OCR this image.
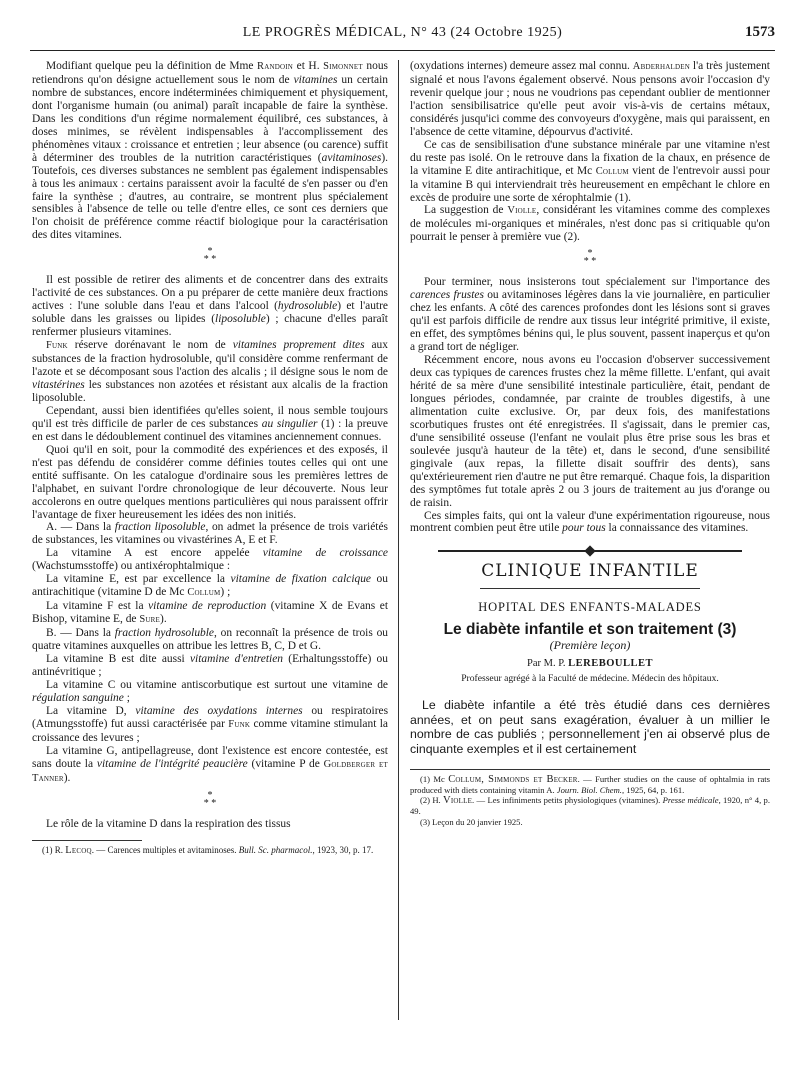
LE PROGRÈS MÉDICAL, N° 43 (24 Octobre 1925)	1573

Modifiant quelque peu la définition de Mme Randoin et H. Simonnet nous retiendrons qu'on désigne actuellement sous le nom de vitamines un certain nombre de substances, encore indéterminées chimiquement et physiquement, dont l'organisme humain (ou animal) paraît incapable de faire la synthèse. Dans les conditions d'un régime normalement équilibré, ces substances, à doses minimes, se révèlent indispensables à l'accomplissement des phénomènes vitaux : croissance et entretien ; leur absence (ou carence) suffit à déterminer des troubles de la nutrition caractéristiques (avitaminoses). Toutefois, ces diverses substances ne semblent pas également indispensables à tous les animaux : certains paraissent avoir la faculté de s'en passer ou d'en faire la synthèse ; d'autres, au contraire, se montrent plus spécialement sensibles à l'absence de telle ou telle d'entre elles, ce sont ces derniers que l'on choisit de préférence comme réactif biologique pour la caractérisation des dites vitamines.

*
* *

Il est possible de retirer des aliments et de concentrer dans des extraits l'activité de ces substances. On a pu préparer de cette manière deux fractions actives : l'une soluble dans l'eau et dans l'alcool (hydrosoluble) et l'autre soluble dans les graisses ou lipides (liposoluble) ; chacune d'elles paraît renfermer plusieurs vitamines.

Funk réserve dorénavant le nom de vitamines proprement dites aux substances de la fraction hydrosoluble, qu'il considère comme renfermant de l'azote et se décomposant sous l'action des alcalis ; il désigne sous le nom de vitastérines les substances non azotées et résistant aux alcalis de la fraction liposoluble.

Cependant, aussi bien identifiées qu'elles soient, il nous semble toujours qu'il est très difficile de parler de ces substances au singulier (1) : la preuve en est dans le dédoublement continuel des vitamines anciennement connues.

Quoi qu'il en soit, pour la commodité des expériences et des exposés, il n'est pas défendu de considérer comme définies toutes celles qui ont une entité suffisante. On les catalogue d'ordinaire sous les premières lettres de l'alphabet, en suivant l'ordre chronologique de leur découverte. Nous leur accolerons en outre quelques mentions particulières qui nous paraissent offrir l'avantage de fixer heureusement les idées des non initiés.

A. — Dans la fraction liposoluble, on admet la présence de trois variétés de substances, les vitamines ou vivastérines A, E et F.

La vitamine A est encore appelée vitamine de croissance (Wachstumsstoffe) ou antixérophtalmique :

La vitamine E, est par excellence la vitamine de fixation calcique ou antirachitique (vitamine D de Mc Collum) ;

La vitamine F est la vitamine de reproduction (vitamine X de Evans et Bishop, vitamine E, de Sure).

B. — Dans la fraction hydrosoluble, on reconnaît la présence de trois ou quatre vitamines auxquelles on attribue les lettres B, C, D et G.

La vitamine B est dite aussi vitamine d'entretien (Erhaltungsstoffe) ou antinévritique ;

La vitamine C ou vitamine antiscorbutique est surtout une vitamine de régulation sanguine ;

La vitamine D, vitamine des oxydations internes ou respiratoires (Atmungsstoffe) fut aussi caractérisée par Funk comme vitamine stimulant la croissance des levures ;

La vitamine G, antipellagreuse, dont l'existence est encore contestée, est sans doute la vitamine de l'intégrité peaucière (vitamine P de Goldberger et Tanner).

*
* *

Le rôle de la vitamine D dans la respiration des tissus

(1) R. Lecoq. — Carences multiples et avitaminoses. Bull. Sc. pharmacol., 1923, 30, p. 17.

(oxydations internes) demeure assez mal connu. Abderhalden l'a très justement signalé et nous l'avons également observé. Nous pensons avoir l'occasion d'y revenir quelque jour ; nous ne voudrions pas cependant oublier de mentionner l'action sensibilisatrice qu'elle peut avoir vis-à-vis de certains métaux, considérés jusqu'ici comme des convoyeurs d'oxygène, mais qui paraissent, en l'absence de cette vitamine, dépourvus d'activité.

Ce cas de sensibilisation d'une substance minérale par une vitamine n'est du reste pas isolé. On le retrouve dans la fixation de la chaux, en présence de la vitamine E dite antirachitique, et Mc Collum vient de l'entrevoir aussi pour la vitamine B qui interviendrait très heureusement en empêchant le chlore en excès de produire une sorte de xérophtalmie (1).

La suggestion de Violle, considérant les vitamines comme des complexes de molécules mi-organiques et minérales, n'est donc pas si critiquable qu'on pourrait le penser à première vue (2).

*
* *

Pour terminer, nous insisterons tout spécialement sur l'importance des carences frustes ou avitaminoses légères dans la vie journalière, en particulier chez les enfants. A côté des carences profondes dont les lésions sont si graves qu'il est parfois difficile de rendre aux tissus leur intégrité primitive, il existe, en effet, des symptômes bénins qui, le plus souvent, passent inaperçus et qu'on a grand tort de négliger.

Récemment encore, nous avons eu l'occasion d'observer successivement deux cas typiques de carences frustes chez la même fillette. L'enfant, qui avait hérité de sa mère d'une sensibilité intestinale particulière, était, pendant de longues périodes, condamnée, par crainte de troubles digestifs, à une alimentation cuite exclusive. Or, par deux fois, des manifestations scorbutiques frustes ont été enregistrées. Il s'agissait, dans le premier cas, d'une sensibilité osseuse (l'enfant ne voulait plus être prise sous les bras et soulevée jusqu'à hauteur de la tête) et, dans le second, d'une sensibilité gingivale (aux repas, la fillette disait souffrir des dents), sans qu'extérieurement rien d'autre ne put être remarqué. Chaque fois, la disparition des symptômes fut totale après 2 ou 3 jours de traitement au jus d'orange ou de raisin.

Ces simples faits, qui ont la valeur d'une expérimentation rigoureuse, nous montrent combien peut être utile pour tous la connaissance des vitamines.

CLINIQUE INFANTILE
HOPITAL DES ENFANTS-MALADES
Le diabète infantile et son traitement (3)
(Première leçon)
Par M. P. LEREBOULLET
Professeur agrégé à la Faculté de médecine. Médecin des hôpitaux.

Le diabète infantile a été très étudié dans ces dernières années, et on peut sans exagération, évaluer à un millier le nombre de cas publiés ; personnellement j'en ai observé plus de cinquante exemples et il est certainement

(1) Mc Collum, Simmonds et Becker. — Further studies on the cause of ophtalmia in rats produced with diets containing vitamin A. Journ. Biol. Chem., 1925, 64, p. 161.

(2) H. Violle. — Les infiniments petits physiologiques (vitamines). Presse médicale, 1920, n° 4, p. 49.

(3) Leçon du 20 janvier 1925.
